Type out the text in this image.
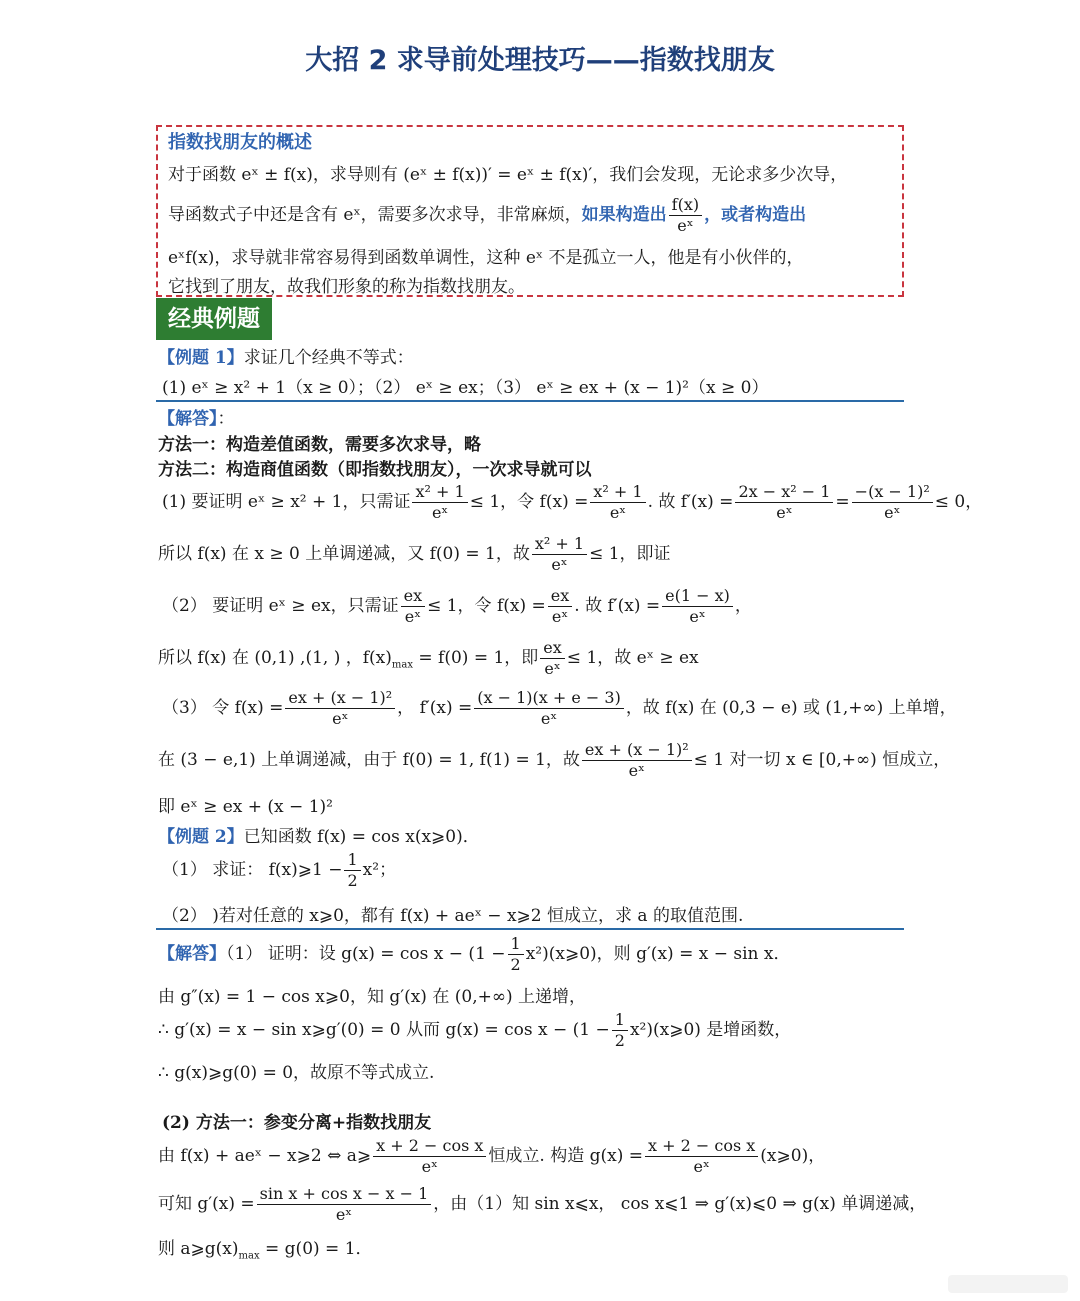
大招 2 求导前处理技巧——指数找朋友
指数找朋友的概述
对于函数 eˣ ± f(x)，求导则有 (eˣ ± f(x))′ = eˣ ± f(x)′，我们会发现，无论求多少次导，
导函数式子中还是含有 eˣ，需要多次求导，非常麻烦，如果构造出 $\frac{f(x)}{\text{eˣ}}$ ，或者构造出
eˣf(x)，求导就非常容易得到函数单调性，这种 eˣ 不是孤立一人，他是有小伙伴的，
它找到了朋友，故我们形象的称为指数找朋友。
经典例题
【例题 1】求证几个经典不等式：
(1) eˣ ≥ x² + 1（x ≥ 0）；（2） eˣ ≥ ex；（3） eˣ ≥ ex + (x − 1)²（x ≥ 0）
【解答】：
方法一：构造差值函数，需要多次求导，略
方法二：构造商值函数（即指数找朋友），一次求导就可以
(1) 要证明 eˣ ≥ x² + 1，只需证 $\frac{\text{x² + 1}}{\text{eˣ}} \le 1$，令 $f(x) = \frac{\text{x² + 1}}{\text{eˣ}}$ . 故 $f'(x) = \frac{\text{2x − x² − 1}}{\text{eˣ}} = \frac{\text{−(x − 1)²}}{\text{eˣ}} \le 0$，
所以 f(x) 在 x ≥ 0 上单调递减，又 f(0) = 1，故 $\frac{\text{x² + 1}}{\text{eˣ}} \le 1$，即证
（2） 要证明 eˣ ≥ ex，只需证 $\frac{ex}{\text{eˣ}} \le 1$，令 $f(x) = \frac{ex}{\text{eˣ}}$ . 故 $f'(x) = \frac{e(1 - x)}{\text{eˣ}}$ ，
所以 f(x) 在 (0,1) ,(1, ) ，$f(x)_{max} = f(0) = 1$，即 $\frac{ex}{\text{eˣ}} \le 1$，故 eˣ ≥ ex
（3） 令 $f(x) = \frac{\text{ex + (x − 1)²}}{\text{eˣ}}$ ， $f'(x) = \frac{(x - 1)(x + e - 3)}{\text{eˣ}}$ ，故 f(x) 在 (0,3 − e) 或 (1,+∞) 上单增，
在 (3 − e,1) 上单调递减，由于 f(0) = 1, f(1) = 1，故 $\frac{\text{ex + (x − 1)²}}{\text{eˣ}} \le 1$ 对一切 x ∈ [0,+∞) 恒成立，
即 eˣ ≥ ex + (x − 1)²
【例题 2】已知函数 f(x) = cos x(x⩾0)．
（1） 求证： f(x)⩾1 − $\frac{1}{2} x^2$；
（2） )若对任意的 x⩾0，都有 f(x) + aeˣ − x⩾2 恒成立，求 a 的取值范围.
【解答】（1） 证明：设 $g(x) = \cos x - (1 - \frac{1}{2}$ x²)(x⩾0)，则 g′(x) = x − sin x．
由 g″(x) = 1 − cos x⩾0，知 g′(x) 在 (0,+∞) 上递增，
∴ g′(x) = x − sin x⩾g′(0) = 0 从而 $g(x) = \cos x - (1 - \frac{1}{2}$ x²)(x⩾0) 是增函数，
∴ g(x)⩾g(0) = 0，故原不等式成立.
(2) 方法一：参变分离+指数找朋友
由 f(x) + aeˣ − x⩾2 ⇔ a⩾ $\frac{\text{x + 2 − cos x}}{\text{eˣ}}$ 恒成立. 构造 $g(x) = \frac{\text{x + 2 − cos x}}{\text{eˣ}}$ (x⩾0)，
可知 $g'(x) = \frac{\text{sin x + cos x − x − 1}}{\text{eˣ}}$ ，由（1）知 sin x⩽x， cos x⩽1 ⇒ g′(x)⩽0 ⇒ g(x) 单调递减，
则 $a⩾g(x)_{max} = g(0) = 1$．
